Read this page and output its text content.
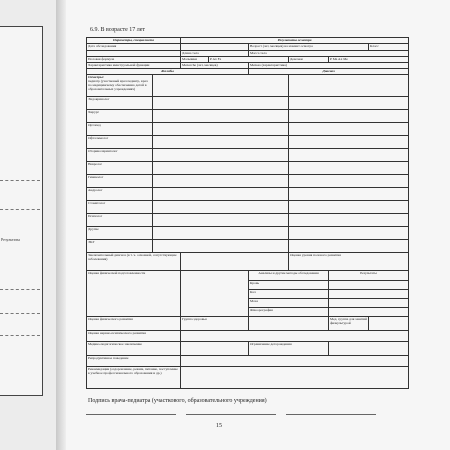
Результаты
6.9. В возрасте 17 лет
Параметры, специалиста		Результаты осмотра					
Дата обследования				Возраст (лет, месяцев) на момент осмотра			Класс
		Длина тела		Масса тела			
Половая формула		Мальчики	P Ax Fa		Девочки	P Ma Ax Me	
Характеристика менструальной функции		Menarche (лет, месяцев)		Menses (характеристика)			
Жалобы				Диагноз			
Осмотры:
педиатр (участковый врач педиатр, врач по медицинскому обеспечению детей в образовательных учреждениях)							
Эндокринолог							
Хирург							
Ортопед							
Офтальмолог							
Оториноларинголог							
Невролог							
Гинеколог							
Андролог							
Стоматолог							
Психолог							
Другие							
ЭКГ							
Заключительный диагноз (в т. ч. основной, сопутствующие заболевания)					Оценка уровня полового развития		
Оценка физической подготовленности				Анализы и другие методы обследования		Результаты	
				Кровь			
				Кал			
				Моча			
				Флюорография			
Оценка физического развития		Группа здоровья				Мед. группа для занятий физкультурой	
Оценка нервно-психического развития							
Медико-педагогическое заключение				Ограничение деторождения			
Репродуктивное поведение							
Рекомендации (оздоровление, режим, питание, поступление в учебное профессионального образования и др.)							
Подпись врача-педиатра (участкового, образовательного учреждения)
15
